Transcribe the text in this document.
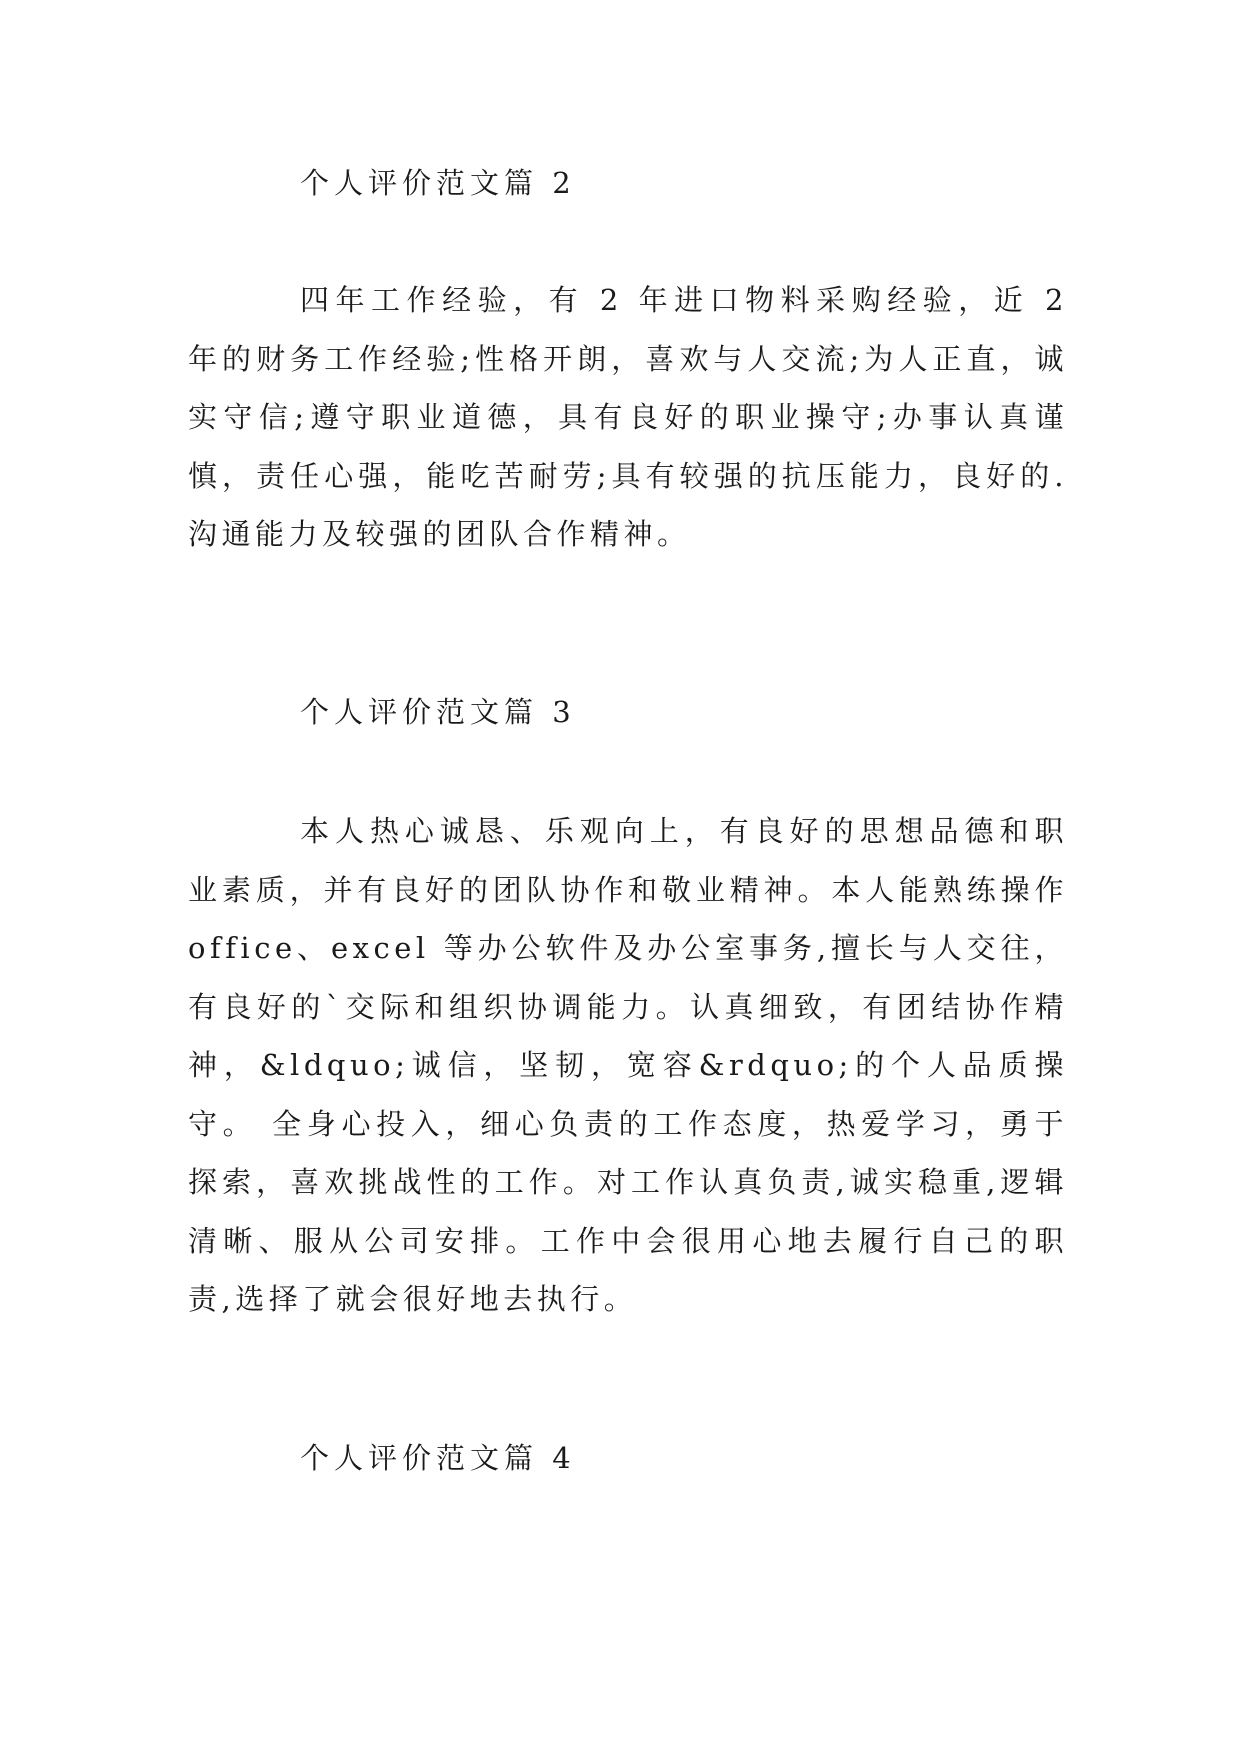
个人评价范文篇 2

四年工作经验，有 2 年进口物料采购经验，近 2 年的财务工作经验;性格开朗，喜欢与人交流;为人正直，诚实守信;遵守职业道德，具有良好的职业操守;办事认真谨慎，责任心强，能吃苦耐劳;具有较强的抗压能力，良好的.沟通能力及较强的团队合作精神。

个人评价范文篇 3

本人热心诚恳、乐观向上，有良好的思想品德和职业素质，并有良好的团队协作和敬业精神。本人能熟练操作office、excel 等办公软件及办公室事务,擅长与人交往，有良好的`交际和组织协调能力。认真细致，有团结协作精神，&ldquo;诚信，坚韧，宽容&rdquo;的个人品质操守。 全身心投入，细心负责的工作态度，热爱学习，勇于探索，喜欢挑战性的工作。对工作认真负责,诚实稳重,逻辑清晰、服从公司安排。工作中会很用心地去履行自己的职责,选择了就会很好地去执行。

个人评价范文篇 4
